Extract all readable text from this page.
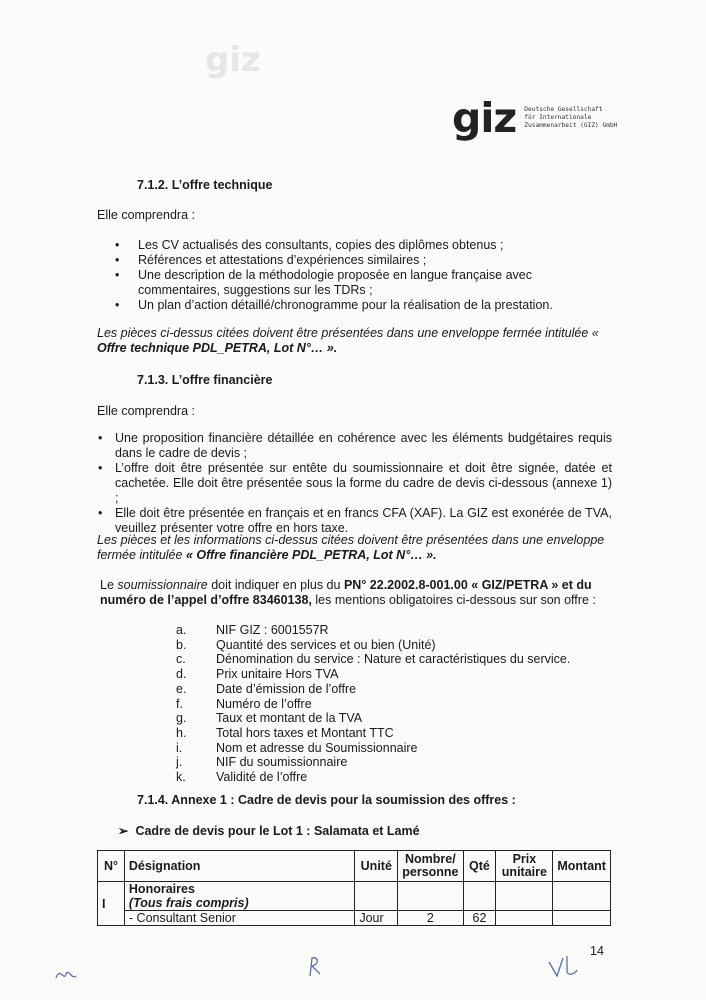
giz
giz Deutsche Gesellschaft
für Internationale
Zusammenarbeit (GIZ) GmbH
7.1.2. L’offre technique
Elle comprendra :
• Les CV actualisés des consultants, copies des diplômes obtenus ;
• Références et attestations d’expériences similaires ;
• Une description de la méthodologie proposée en langue française avec commentaires, suggestions sur les TDRs ;
• Un plan d’action détaillé/chronogramme pour la réalisation de la prestation.
Les pièces ci-dessus citées doivent être présentées dans une enveloppe fermée intitulée « Offre technique PDL_PETRA, Lot N°… ».
7.1.3. L’offre financière
Elle comprendra :
• Une proposition financière détaillée en cohérence avec les éléments budgétaires requis dans le cadre de devis ;
• L’offre doit être présentée sur entête du soumissionnaire et doit être signée, datée et cachetée. Elle doit être présentée sous la forme du cadre de devis ci-dessous (annexe 1) ;
• Elle doit être présentée en français et en francs CFA (XAF). La GIZ est exonérée de TVA, veuillez présenter votre offre en hors taxe.
Les pièces et les informations ci-dessus citées doivent être présentées dans une enveloppe
fermée intitulée « Offre financière PDL_PETRA, Lot N°… ».
Le soumissionnaire doit indiquer en plus du PN° 22.2002.8-001.00 « GIZ/PETRA » et du
numéro de l’appel d’offre 83460138, les mentions obligatoires ci-dessous sur son offre :
a.	NIF GIZ : 6001557R
b.	Quantité des services et ou bien (Unité)
c.	Dénomination du service : Nature et caractéristiques du service.
d.	Prix unitaire Hors TVA
e.	Date d’émission de l’offre
f.	Numéro de l’offre
g.	Taux et montant de la TVA
h.	Total hors taxes et Montant TTC
i.	Nom et adresse du Soumissionnaire
j.	NIF du soumissionnaire
k.	Validité de l’offre
7.1.4. Annexe 1 : Cadre de devis pour la soumission des offres :
➢ Cadre de devis pour le Lot 1 : Salamata et Lamé
N°	Désignation	Unité	Nombre/ personne	Qté	Prix unitaire	Montant
I	Honoraires
(Tous frais compris)					

	- Consultant Senior	Jour	2	62		
14
